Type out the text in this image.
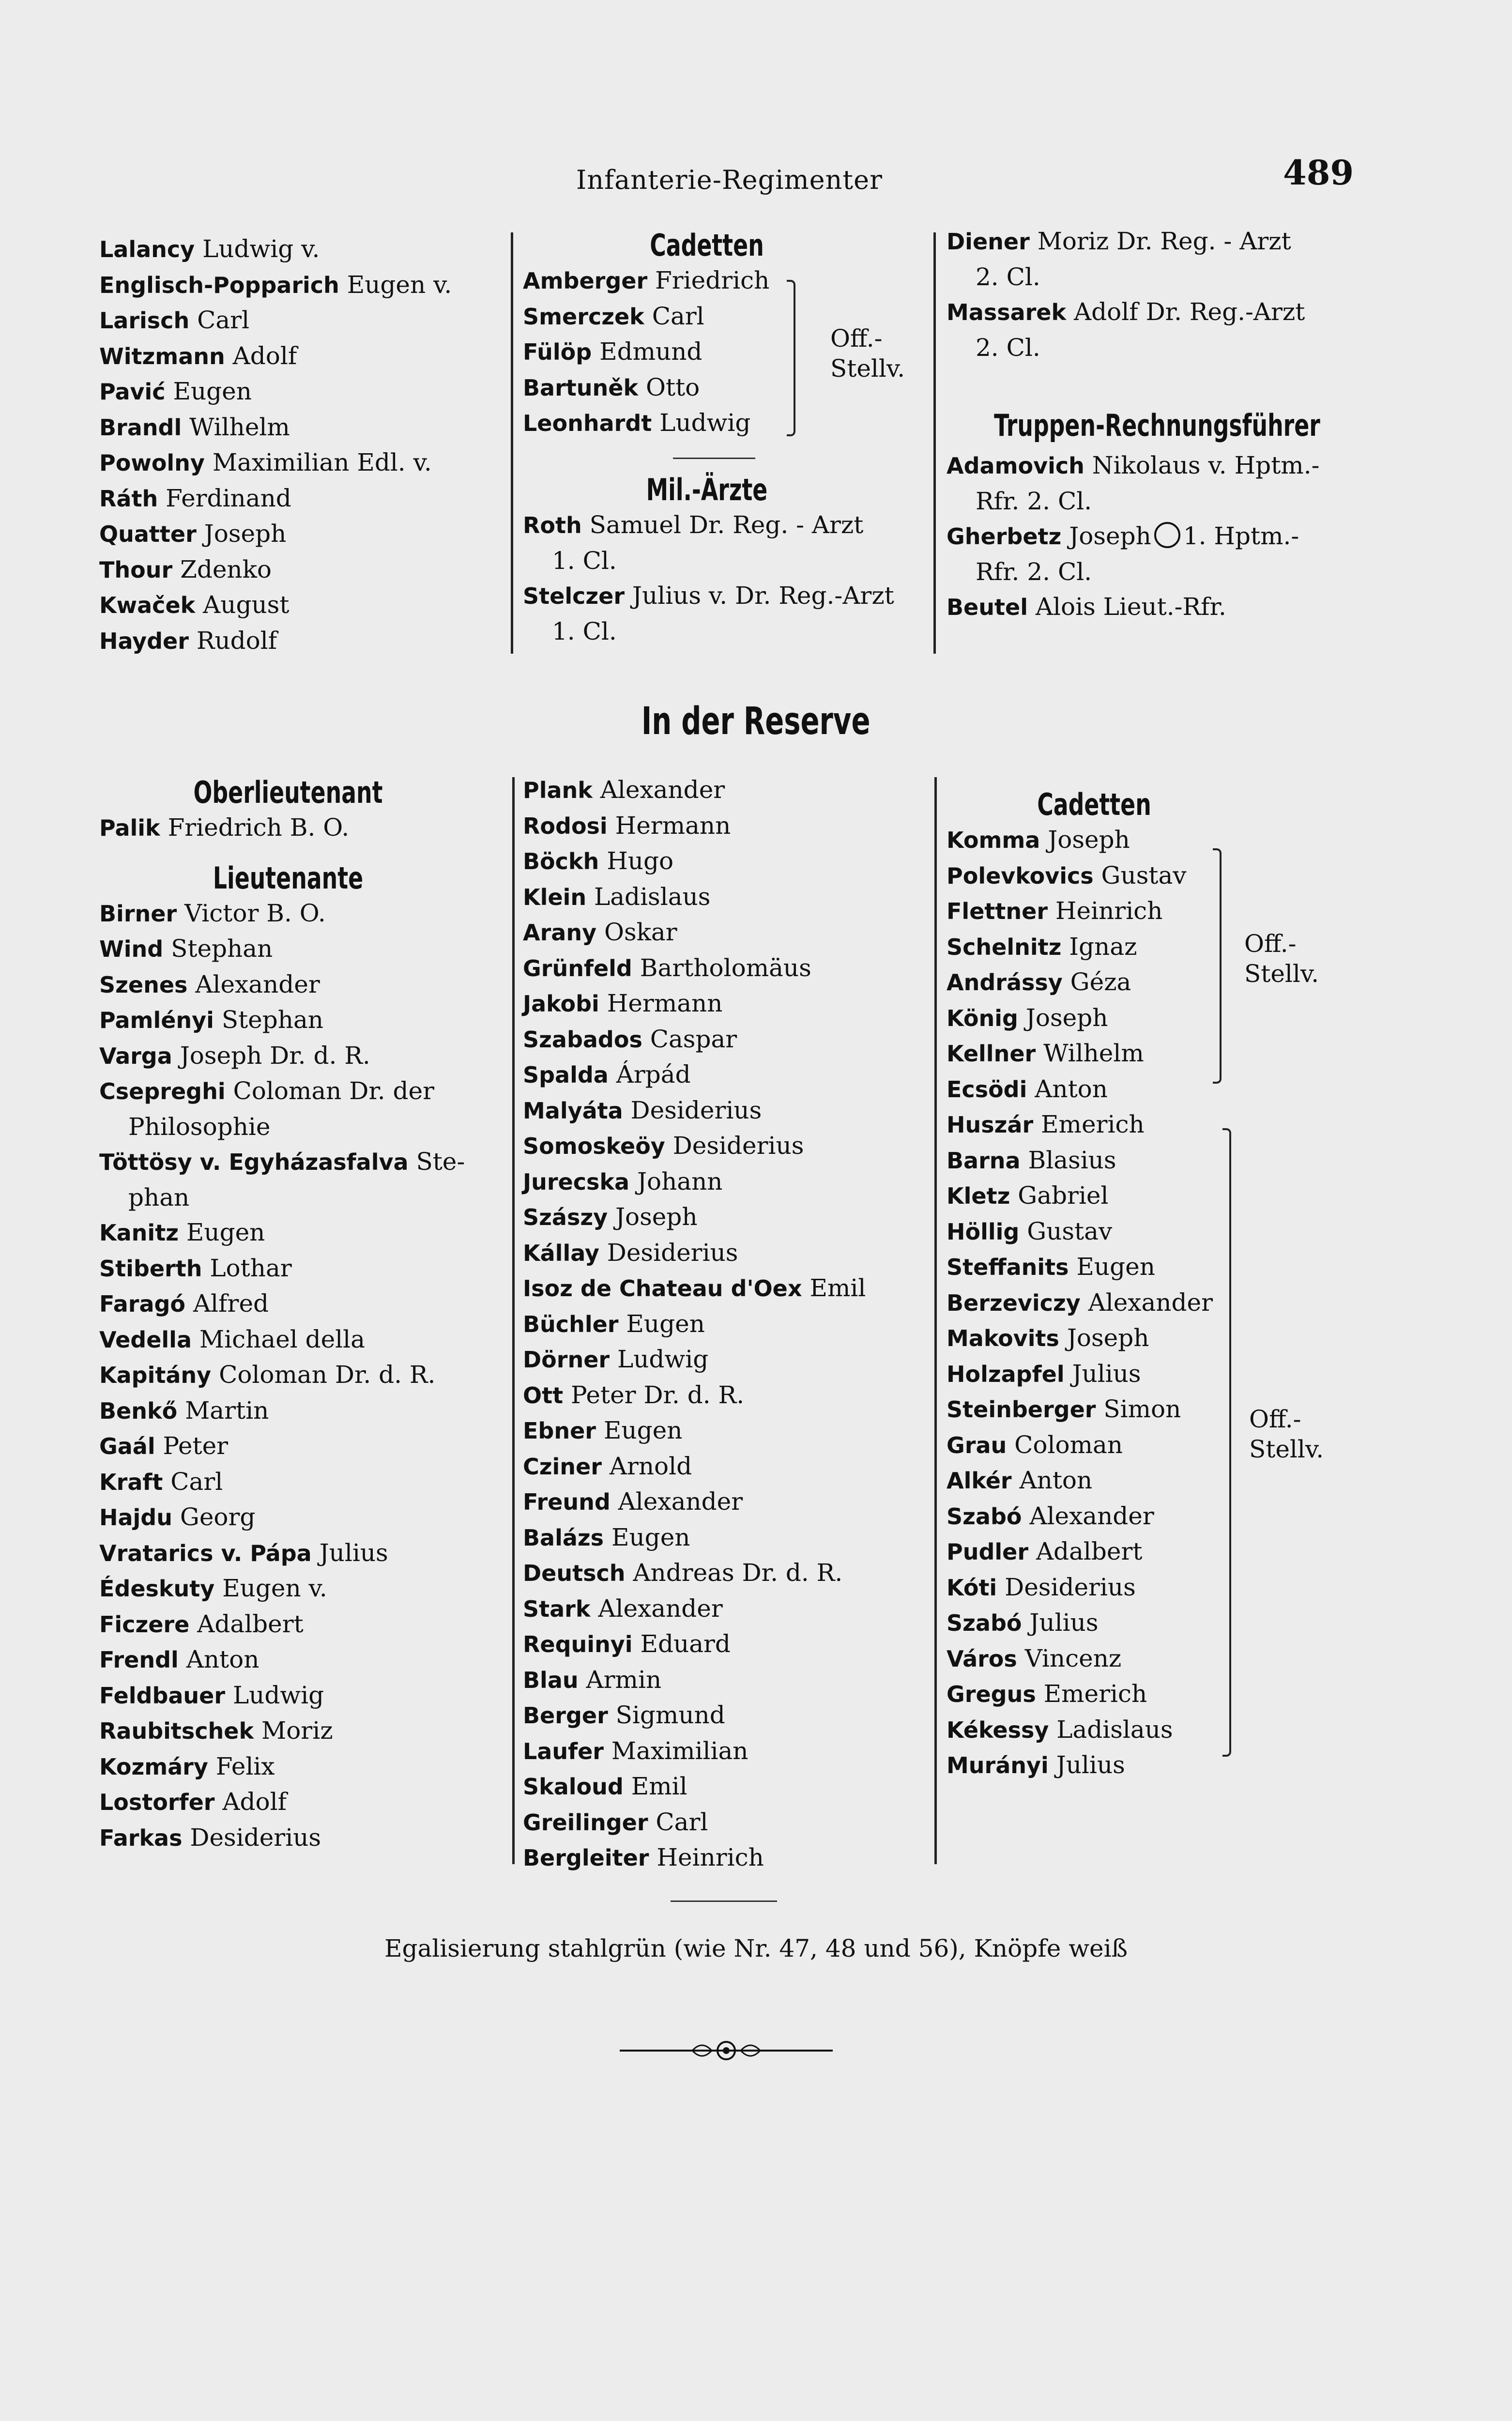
Infanterie-Regimenter	489
Lalancy Ludwig v.
Englisch-Popparich Eugen v.
Larisch Carl
Witzmann Adolf
Pavić Eugen
Brandl Wilhelm
Powolny Maximilian Edl. v.
Ráth Ferdinand
Quatter Joseph
Thour Zdenko
Kwaček August
Hayder Rudolf
Cadetten
Amberger Friedrich
Smerczek Carl
Fülöp Edmund
Bartuněk Otto
Leonhardt Ludwig
Off.-
Stellv.
Mil.-Ärzte
Roth Samuel Dr. Reg. - Arzt
1. Cl.
Stelczer Julius v. Dr. Reg.-Arzt
1. Cl.
Diener Moriz Dr. Reg. - Arzt
2. Cl.
Massarek Adolf Dr. Reg.-Arzt
2. Cl.
Truppen-Rechnungsführer
Adamovich Nikolaus v. Hptm.-
Rfr. 2. Cl.
Gherbetz Joseph 1. Hptm.-
Rfr. 2. Cl.
Beutel Alois Lieut.-Rfr.
In der Reserve
Oberlieutenant
Palik Friedrich B. O.
Lieutenante
Birner Victor B. O.
Wind Stephan
Szenes Alexander
Pamlényi Stephan
Varga Joseph Dr. d. R.
Csepreghi Coloman Dr. der
Philosophie
Töttösy v. Egyházasfalva Ste-
phan
Kanitz Eugen
Stiberth Lothar
Faragó Alfred
Vedella Michael della
Kapitány Coloman Dr. d. R.
Benkő Martin
Gaál Peter
Kraft Carl
Hajdu Georg
Vratarics v. Pápa Julius
Édeskuty Eugen v.
Ficzere Adalbert
Frendl Anton
Feldbauer Ludwig
Raubitschek Moriz
Kozmáry Felix
Lostorfer Adolf
Farkas Desiderius
Plank Alexander
Rodosi Hermann
Böckh Hugo
Klein Ladislaus
Arany Oskar
Grünfeld Bartholomäus
Jakobi Hermann
Szabados Caspar
Spalda Árpád
Malyáta Desiderius
Somoskeöy Desiderius
Jurecska Johann
Szászy Joseph
Kállay Desiderius
Isoz de Chateau d'Oex Emil
Büchler Eugen
Dörner Ludwig
Ott Peter Dr. d. R.
Ebner Eugen
Cziner Arnold
Freund Alexander
Balázs Eugen
Deutsch Andreas Dr. d. R.
Stark Alexander
Requinyi Eduard
Blau Armin
Berger Sigmund
Laufer Maximilian
Skaloud Emil
Greilinger Carl
Bergleiter Heinrich
Cadetten
Komma Joseph
Polevkovics Gustav
Flettner Heinrich
Schelnitz Ignaz
Andrássy Géza
König Joseph
Kellner Wilhelm
Ecsödi Anton
Huszár Emerich
Barna Blasius
Kletz Gabriel
Höllig Gustav
Steffanits Eugen
Berzeviczy Alexander
Makovits Joseph
Holzapfel Julius
Steinberger Simon
Grau Coloman
Alkér Anton
Szabó Alexander
Pudler Adalbert
Kóti Desiderius
Szabó Julius
Város Vincenz
Gregus Emerich
Kékessy Ladislaus
Murányi Julius
Off.-
Stellv.
Off.-
Stellv.
Egalisierung stahlgrün (wie Nr. 47, 48 und 56), Knöpfe weiß
